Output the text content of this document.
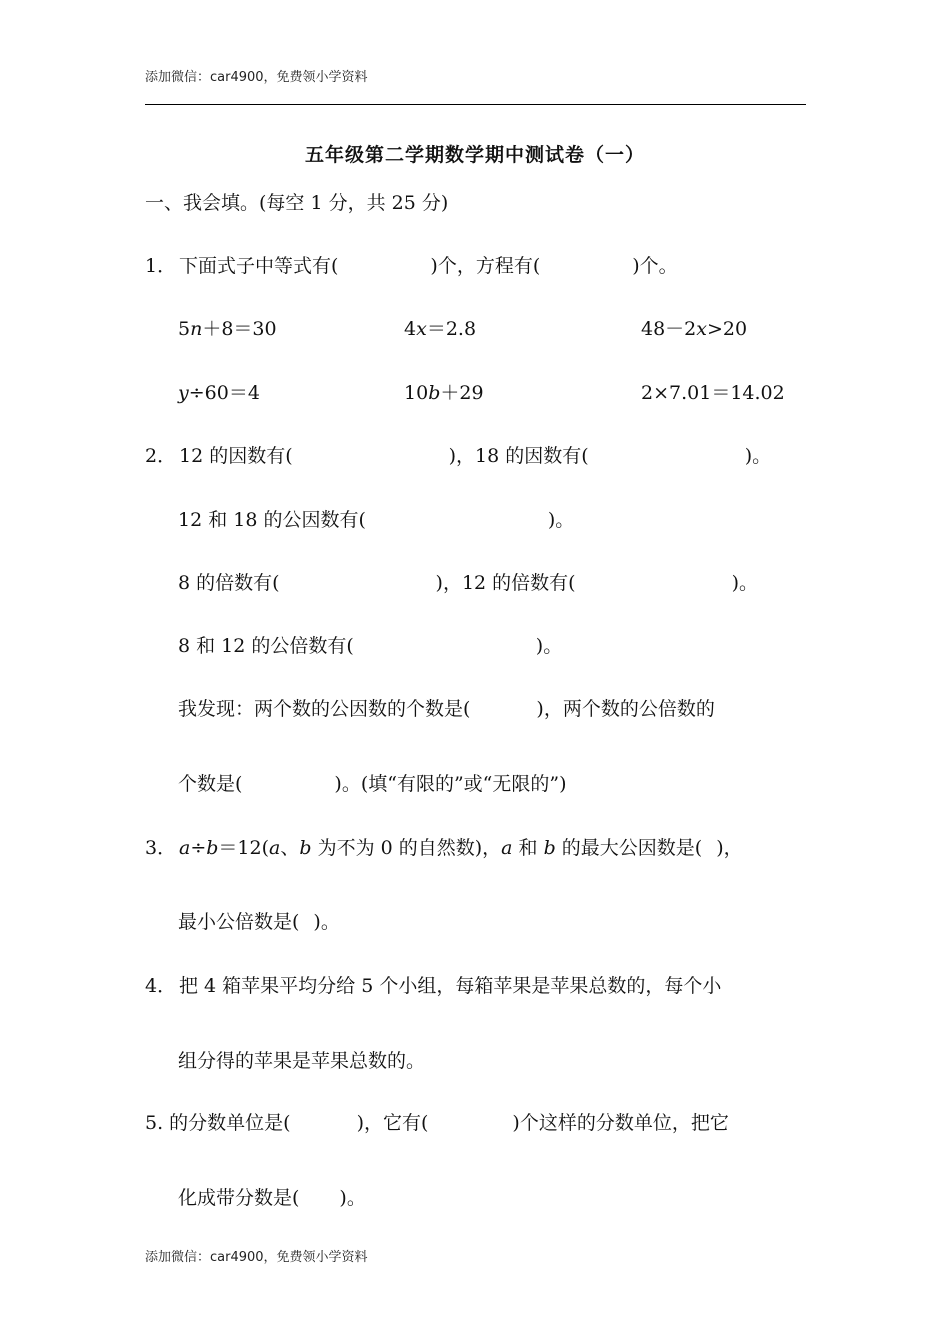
添加微信：car4900，免费领小学资料
五年级第二学期数学期中测试卷（一）
一、我会填。(每空 1 分，共 25 分)
1． 下面式子中等式有(	)个，方程有(	)个。
5n＋8＝30	4x＝2.8	48－2x>20
y÷60＝4	10b＋29	2×7.01＝14.02
2． 12 的因数有(	)，18 的因数有(	)。
12 和 18 的公因数有(	)。
8 的倍数有(	)，12 的倍数有(	)。
8 和 12 的公倍数有(	)。
我发现：两个数的公因数的个数是(	)，两个数的公倍数的
个数是(	)。(填“有限的”或“无限的”)
3． a÷b＝12(a、b 为不为 0 的自然数)，a 和 b 的最大公因数是( )，
最小公倍数是( )。
4． 把 4 箱苹果平均分给 5 个小组，每箱苹果是苹果总数的，每个小
组分得的苹果是苹果总数的。
5. 的分数单位是(	)，它有(	)个这样的分数单位，把它
化成带分数是( )。
添加微信：car4900，免费领小学资料
